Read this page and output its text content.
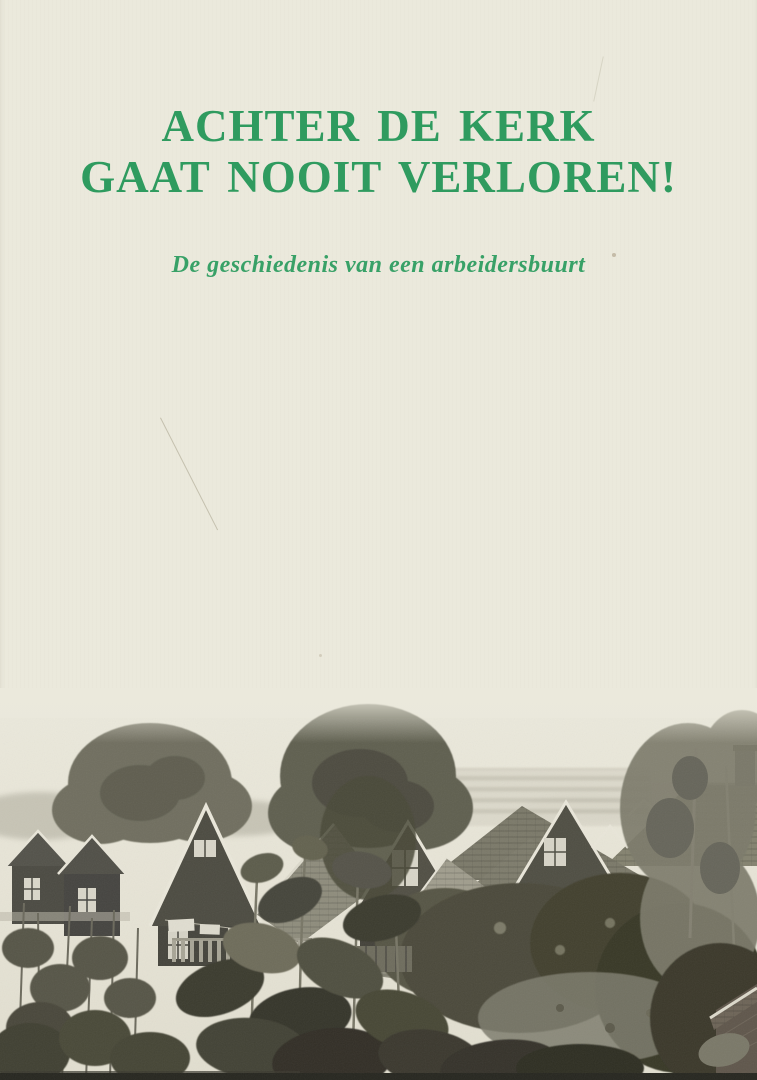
ACHTER DE KERK
GAAT NOOIT VERLOREN!

De geschiedenis van een arbeidersbuurt
